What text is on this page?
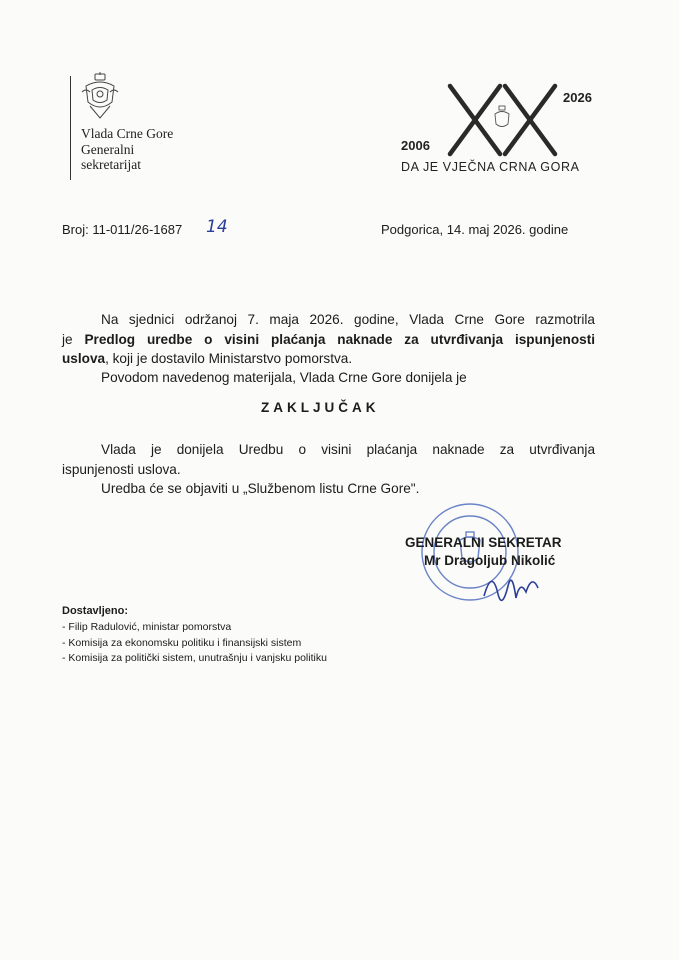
Vlada Crne Gore
Generalni
sekretarijat
2006
2026
DA JE VJEČNA CRNA GORA
Broj: 11-011/26-1687 14	Podgorica, 14. maj 2026. godine
Na sjednici održanoj 7. maja 2026. godine, Vlada Crne Gore razmotrila
je Predlog uredbe o visini plaćanja naknade za utvrđivanja ispunjenosti
uslova, koji je dostavilo Ministarstvo pomorstva.
Povodom navedenog materijala, Vlada Crne Gore donijela je
ZAKLJUČAK
Vlada je donijela Uredbu o visini plaćanja naknade za utvrđivanja
ispunjenosti uslova.
Uredba će se objaviti u „Službenom listu Crne Gore".
GENERALNI SEKRETAR
Mr Dragoljub Nikolić
Dostavljeno:
- Filip Radulović, ministar pomorstva
- Komisija za ekonomsku politiku i finansijski sistem
- Komisija za politički sistem, unutrašnju i vanjsku politiku
